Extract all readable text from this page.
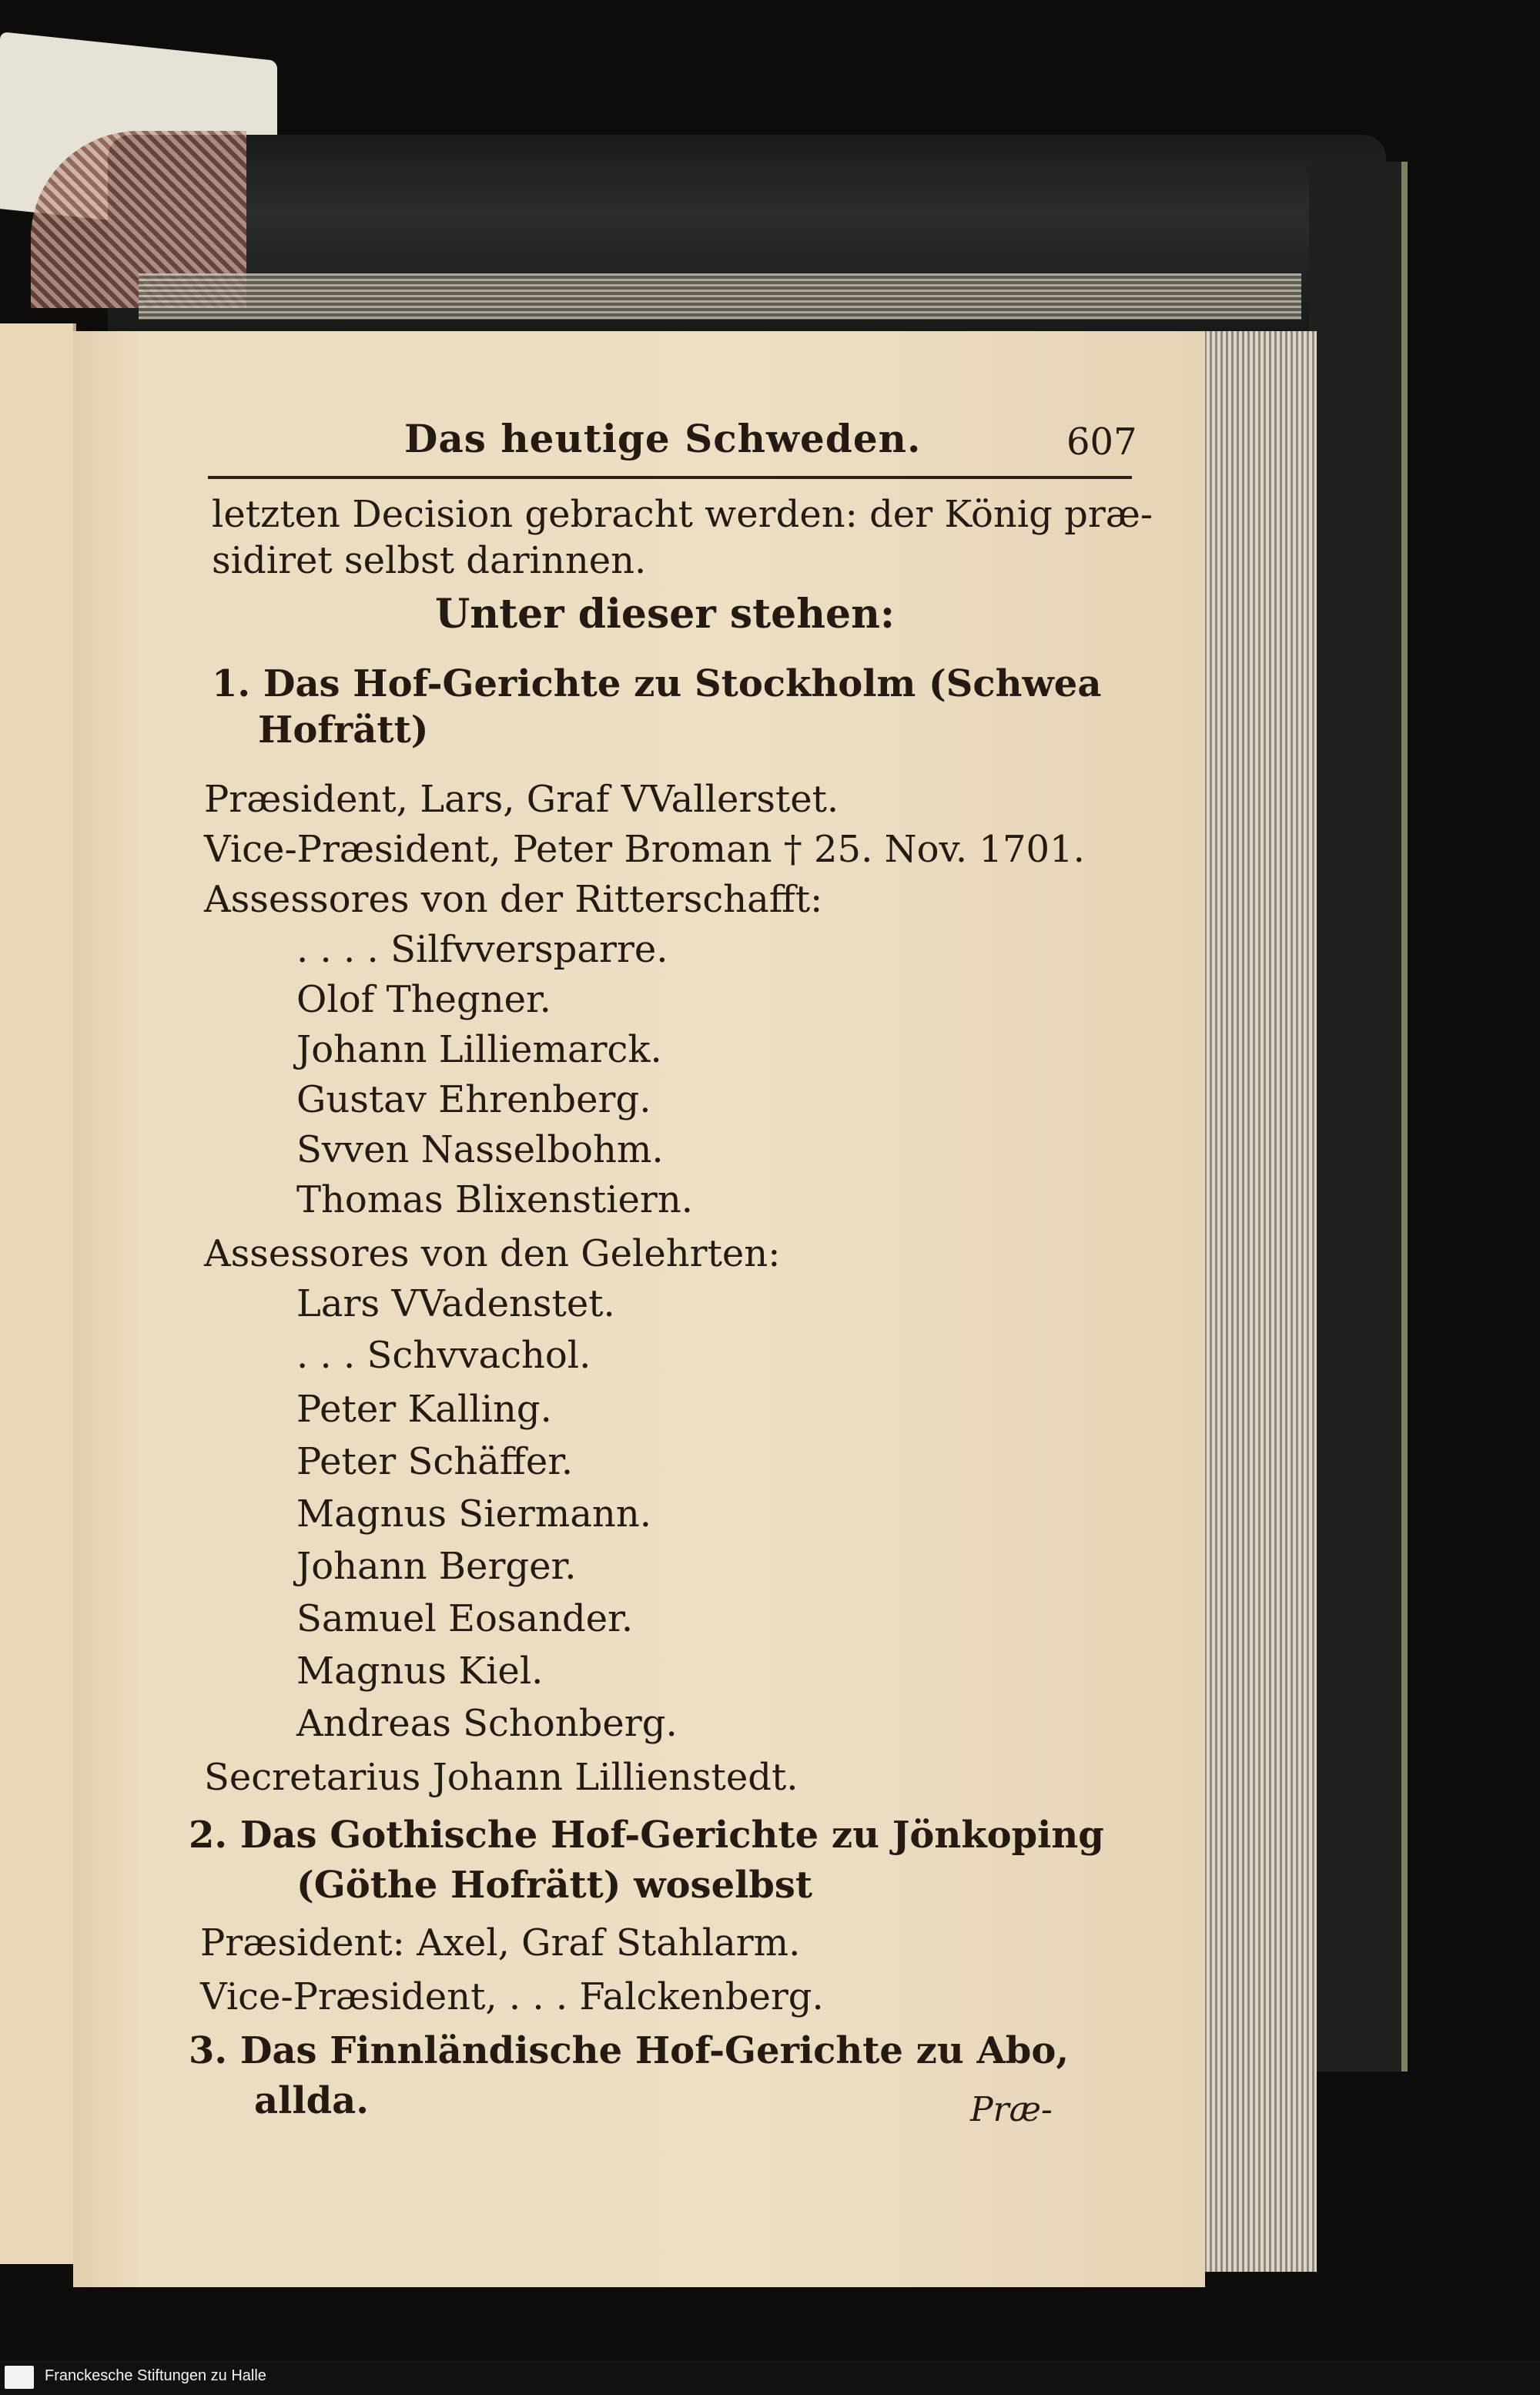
Das heutige Schweden.	607
letzten Decision gebracht werden: der König præ-
sidiret selbst darinnen.
Unter dieser stehen:
1. Das Hof-Gerichte zu Stockholm (Schwea
Hofrätt)
Præsident, Lars, Graf VVallerstet.
Vice-Præsident, Peter Broman † 25. Nov. 1701.
Assessores von der Ritterschafft:
. . . . Silfvversparre.
Olof Thegner.
Johann Lilliemarck.
Gustav Ehrenberg.
Svven Nasselbohm.
Thomas Blixenstiern.
Assessores von den Gelehrten:
Lars VVadenstet.
. . . Schvvachol.
Peter Kalling.
Peter Schäffer.
Magnus Siermann.
Johann Berger.
Samuel Eosander.
Magnus Kiel.
Andreas Schonberg.
Secretarius Johann Lillienstedt.
2. Das Gothische Hof-Gerichte zu Jönkoping
(Göthe Hofrätt) woselbst
Præsident: Axel, Graf Stahlarm.
Vice-Præsident, . . . Falckenberg.
3. Das Finnländische Hof-Gerichte zu Abo,
allda.	Præ-
Franckesche Stiftungen zu Halle
